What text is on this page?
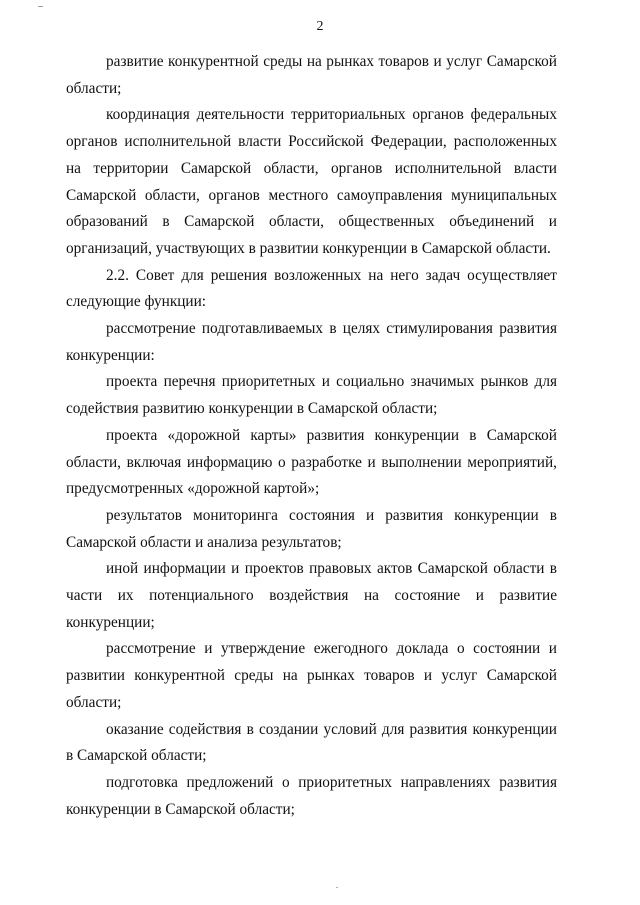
2

развитие конкурентной среды на рынках товаров и услуг Самарской области;

координация деятельности территориальных органов федеральных органов исполнительной власти Российской Федерации, расположенных на территории Самарской области, органов исполнительной власти Самарской области, органов местного самоуправления муниципальных образований в Самарской области, общественных объединений и организаций, участвующих в развитии конкуренции в Самарской области.

2.2. Совет для решения возложенных на него задач осуществляет следующие функции:

рассмотрение подготавливаемых в целях стимулирования развития конкуренции:

проекта перечня приоритетных и социально значимых рынков для содействия развитию конкуренции в Самарской области;

проекта «дорожной карты» развития конкуренции в Самарской области, включая информацию о разработке и выполнении мероприятий, предусмотренных «дорожной картой»;

результатов мониторинга состояния и развития конкуренции в Самарской области и анализа результатов;

иной информации и проектов правовых актов Самарской области в части их потенциального воздействия на состояние и развитие конкуренции;

рассмотрение и утверждение ежегодного доклада о состоянии и развитии конкурентной среды на рынках товаров и услуг Самарской области;

оказание содействия в создании условий для развития конкуренции в Самарской области;

подготовка предложений о приоритетных направлениях развития конкуренции в Самарской области;
